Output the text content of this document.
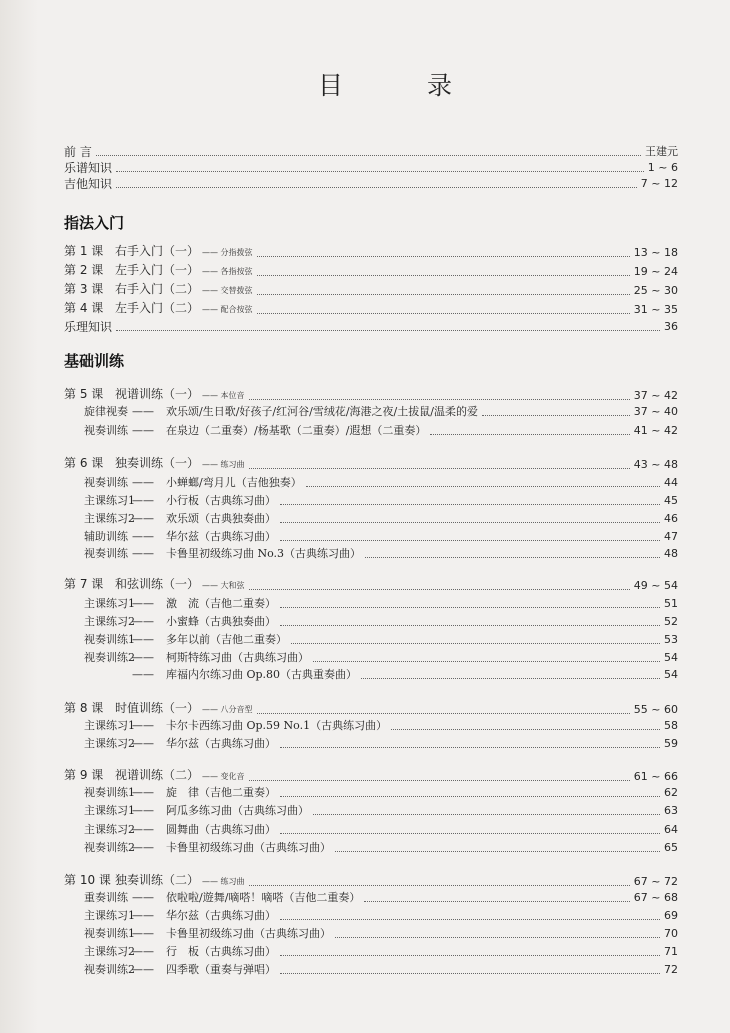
目 录
前 言	王建元
乐谱知识	1 ~ 6
吉他知识	7 ~ 12
指法入门
基础训练
第 1 课 右手入门（一） —— 分指拨弦	13 ~ 18
第 2 课 左手入门（一） —— 各指按弦	19 ~ 24
第 3 课 右手入门（二） —— 交替拨弦	25 ~ 30
第 4 课 左手入门（二） —— 配合按弦	31 ~ 35
乐理知识	36
第 5 课 视谱训练（一） —— 本位音	37 ~ 42
旋律视奏 —— 欢乐颂/生日歌/好孩子/红河谷/雪绒花/海港之夜/土拔鼠/温柔的爱	37 ~ 40
视奏训练 —— 在泉边（二重奏）/杨基歌（二重奏）/遐想（二重奏）	41 ~ 42
第 6 课 独奏训练（一） —— 练习曲	43 ~ 48
视奏训练 —— 小蝉螂/弯月儿（吉他独奏）	44
主课练习1—— 小行板（古典练习曲）	45
主课练习2—— 欢乐颂（古典独奏曲）	46
辅助训练 —— 华尔兹（古典练习曲）	47
视奏训练 —— 卡鲁里初级练习曲 No.3（古典练习曲）	48
第 7 课 和弦训练（一） —— 大和弦	49 ~ 54
主课练习1—— 激　流（吉他二重奏）	51
主课练习2—— 小蜜蜂（古典独奏曲）	52
视奏训练1—— 多年以前（吉他二重奏）	53
视奏训练2—— 柯斯特练习曲（古典练习曲）	54
—— 库福内尔练习曲 Op.80（古典重奏曲）	54
第 8 课 时值训练（一） —— 八分音型	55 ~ 60
主课练习1—— 卡尔卡西练习曲 Op.59 No.1（古典练习曲）	58
主课练习2—— 华尔兹（古典练习曲）	59
第 9 课 视谱训练（二） —— 变化音	61 ~ 66
视奏训练1—— 旋　律（吉他二重奏）	62
主课练习1—— 阿瓜多练习曲（古典练习曲）	63
主课练习2—— 圆舞曲（古典练习曲）	64
视奏训练2—— 卡鲁里初级练习曲（古典练习曲）	65
第 10 课 独奏训练（二） —— 练习曲	67 ~ 72
重奏训练 —— 依啦啦/遊舞/嘀嗒！嘀嗒（吉他二重奏）	67 ~ 68
主课练习1—— 华尔兹（古典练习曲）	69
视奏训练1—— 卡鲁里初级练习曲（古典练习曲）	70
主课练习2—— 行　板（古典练习曲）	71
视奏训练2—— 四季歌（重奏与弹唱）	72
